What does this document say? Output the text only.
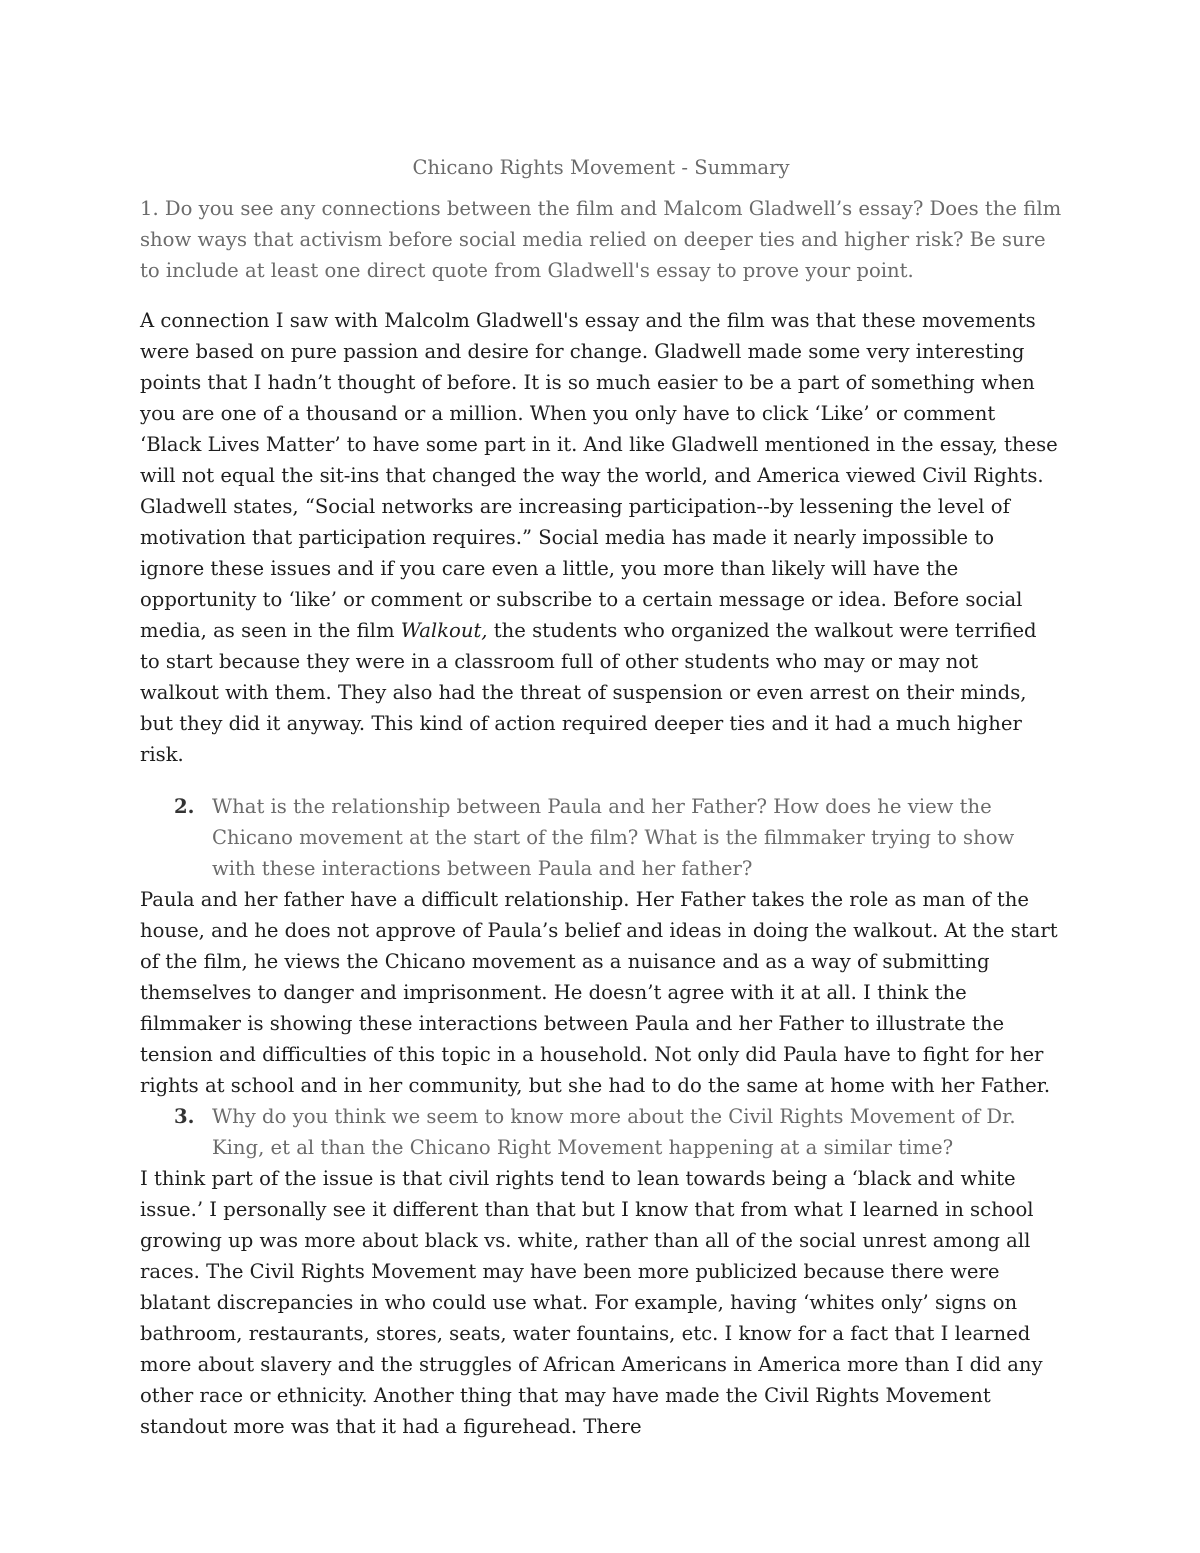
Chicano Rights Movement - Summary

1. Do you see any connections between the film and Malcom Gladwell’s essay? Does the film show ways that activism before social media relied on deeper ties and higher risk? Be sure to include at least one direct quote from Gladwell's essay to prove your point.

A connection I saw with Malcolm Gladwell's essay and the film was that these movements were based on pure passion and desire for change. Gladwell made some very interesting points that I hadn’t thought of before. It is so much easier to be a part of something when you are one of a thousand or a million. When you only have to click ‘Like’ or comment ‘Black Lives Matter’ to have some part in it. And like Gladwell mentioned in the essay, these will not equal the sit-ins that changed the way the world, and America viewed Civil Rights. Gladwell states, “Social networks are increasing participation--by lessening the level of motivation that participation requires.” Social media has made it nearly impossible to ignore these issues and if you care even a little, you more than likely will have the opportunity to ‘like’ or comment or subscribe to a certain message or idea. Before social media, as seen in the film Walkout, the students who organized the walkout were terrified to start because they were in a classroom full of other students who may or may not walkout with them. They also had the threat of suspension or even arrest on their minds, but they did it anyway. This kind of action required deeper ties and it had a much higher risk.

2. What is the relationship between Paula and her Father? How does he view the Chicano movement at the start of the film? What is the filmmaker trying to show with these interactions between Paula and her father?

Paula and her father have a difficult relationship. Her Father takes the role as man of the house, and he does not approve of Paula’s belief and ideas in doing the walkout. At the start of the film, he views the Chicano movement as a nuisance and as a way of submitting themselves to danger and imprisonment. He doesn’t agree with it at all. I think the filmmaker is showing these interactions between Paula and her Father to illustrate the tension and difficulties of this topic in a household. Not only did Paula have to fight for her rights at school and in her community, but she had to do the same at home with her Father.

3. Why do you think we seem to know more about the Civil Rights Movement of Dr. King, et al than the Chicano Right Movement happening at a similar time?

I think part of the issue is that civil rights tend to lean towards being a ‘black and white issue.’ I personally see it different than that but I know that from what I learned in school growing up was more about black vs. white, rather than all of the social unrest among all races. The Civil Rights Movement may have been more publicized because there were blatant discrepancies in who could use what. For example, having ‘whites only’ signs on bathroom, restaurants, stores, seats, water fountains, etc. I know for a fact that I learned more about slavery and the struggles of African Americans in America more than I did any other race or ethnicity. Another thing that may have made the Civil Rights Movement standout more was that it had a figurehead. There
